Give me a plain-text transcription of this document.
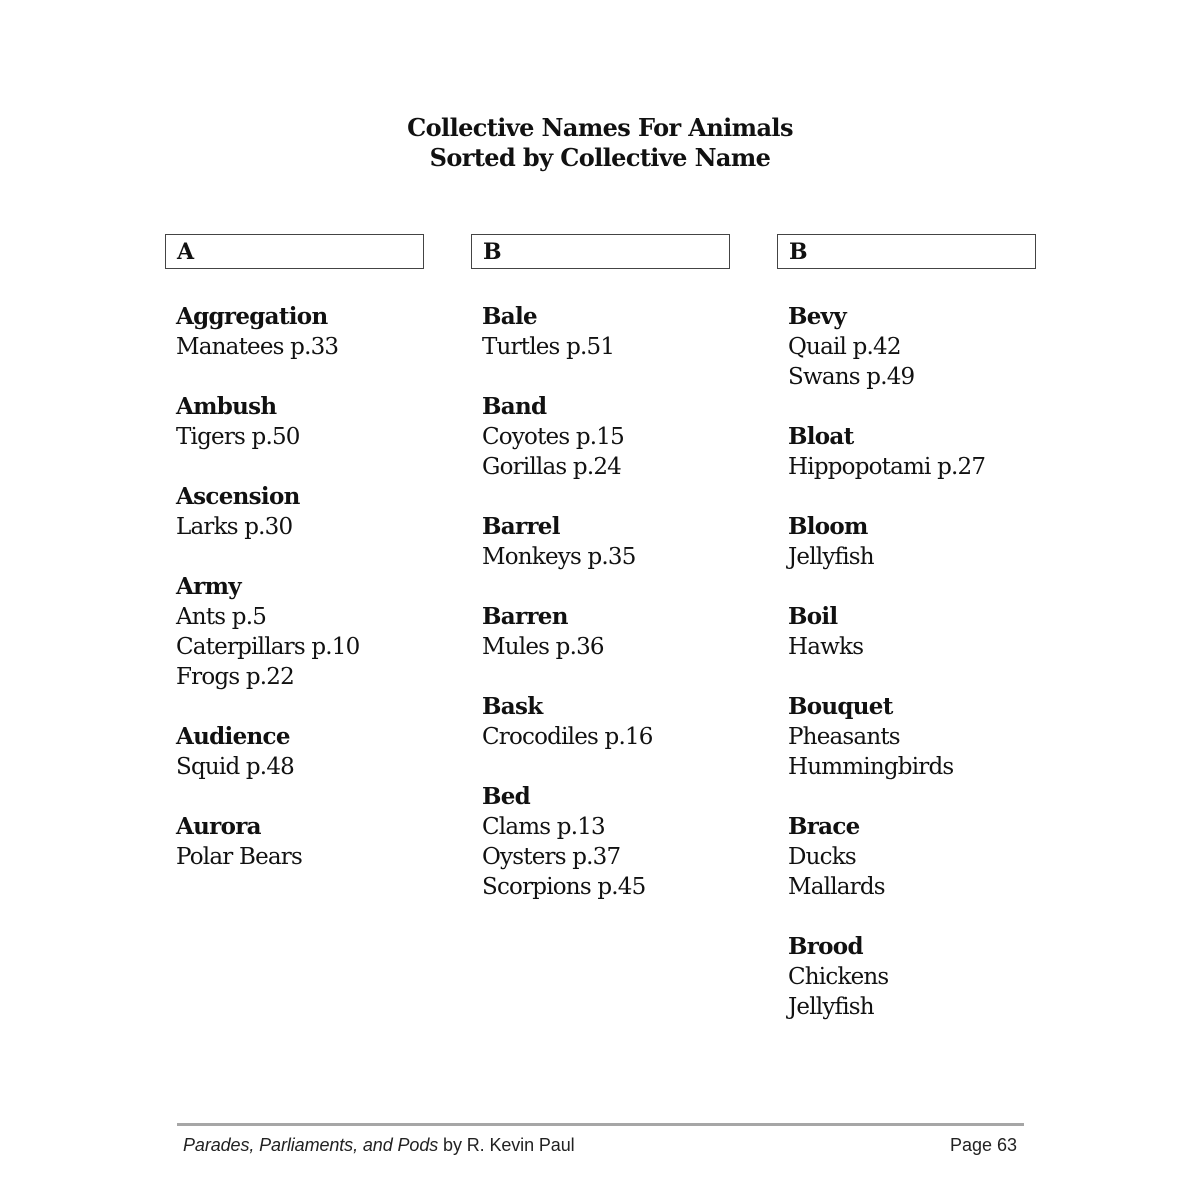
Collective Names For Animals
Sorted by Collective Name
A
Aggregation
Manatees p.33
Ambush
Tigers p.50
Ascension
Larks p.30
Army
Ants p.5
Caterpillars p.10
Frogs p.22
Audience
Squid p.48
Aurora
Polar Bears
B
Bale
Turtles p.51
Band
Coyotes p.15
Gorillas p.24
Barrel
Monkeys p.35
Barren
Mules p.36
Bask
Crocodiles p.16
Bed
Clams p.13
Oysters p.37
Scorpions p.45
B
Bevy
Quail p.42
Swans p.49
Bloat
Hippopotami p.27
Bloom
Jellyfish
Boil
Hawks
Bouquet
Pheasants
Hummingbirds
Brace
Ducks
Mallards
Brood
Chickens
Jellyfish
Parades, Parliaments, and Pods by R. Kevin Paul	Page 63
